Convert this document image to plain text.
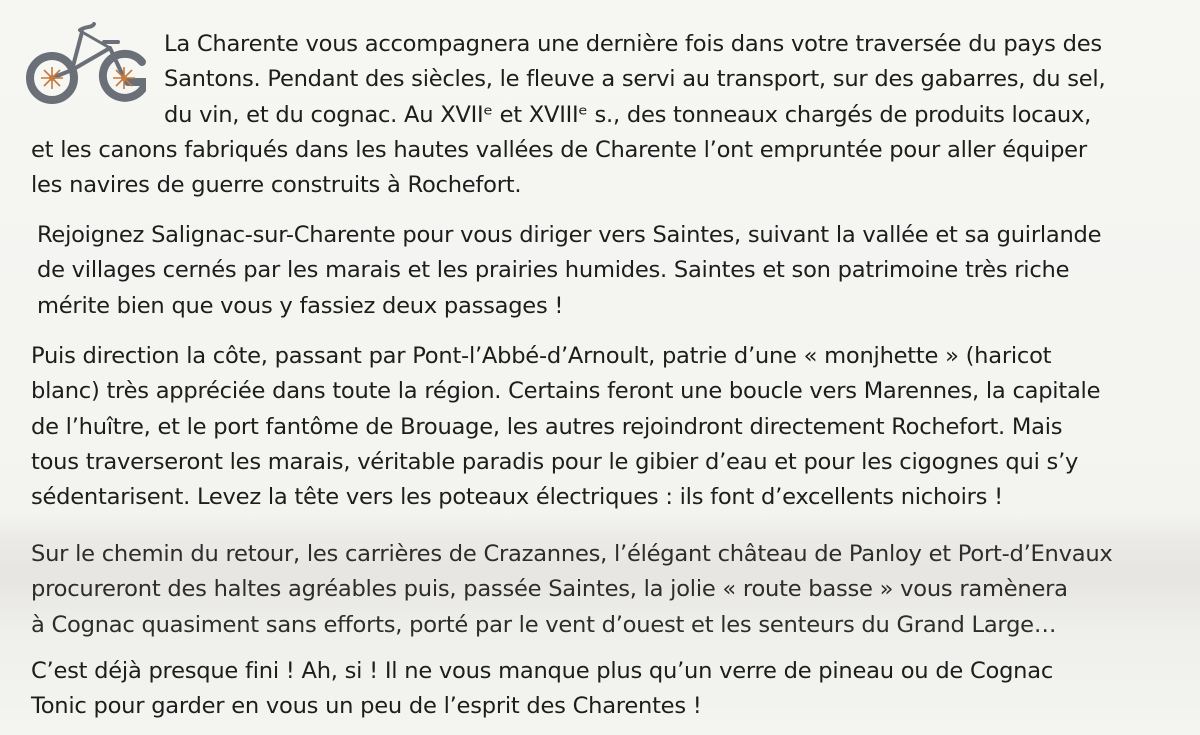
La Charente vous accompagnera une dernière fois dans votre traversée du pays des
Santons. Pendant des siècles, le fleuve a servi au transport, sur des gabarres, du sel,
du vin, et du cognac. Au XVIIᵉ et XVIIIᵉ s., des tonneaux chargés de produits locaux,

et les canons fabriqués dans les hautes vallées de Charente l’ont empruntée pour aller équiper
les navires de guerre construits à Rochefort.

Rejoignez Salignac-sur-Charente pour vous diriger vers Saintes, suivant la vallée et sa guirlande
de villages cernés par les marais et les prairies humides. Saintes et son patrimoine très riche
mérite bien que vous y fassiez deux passages !

Puis direction la côte, passant par Pont-l’Abbé-d’Arnoult, patrie d’une « monjhette » (haricot
blanc) très appréciée dans toute la région. Certains feront une boucle vers Marennes, la capitale
de l’huître, et le port fantôme de Brouage, les autres rejoindront directement Rochefort. Mais
tous traverseront les marais, véritable paradis pour le gibier d’eau et pour les cigognes qui s’y
sédentarisent. Levez la tête vers les poteaux électriques : ils font d’excellents nichoirs !

Sur le chemin du retour, les carrières de Crazannes, l’élégant château de Panloy et Port-d’Envaux
procureront des haltes agréables puis, passée Saintes, la jolie « route basse » vous ramènera
à Cognac quasiment sans efforts, porté par le vent d’ouest et les senteurs du Grand Large…

C’est déjà presque fini ! Ah, si ! Il ne vous manque plus qu’un verre de pineau ou de Cognac
Tonic pour garder en vous un peu de l’esprit des Charentes !
